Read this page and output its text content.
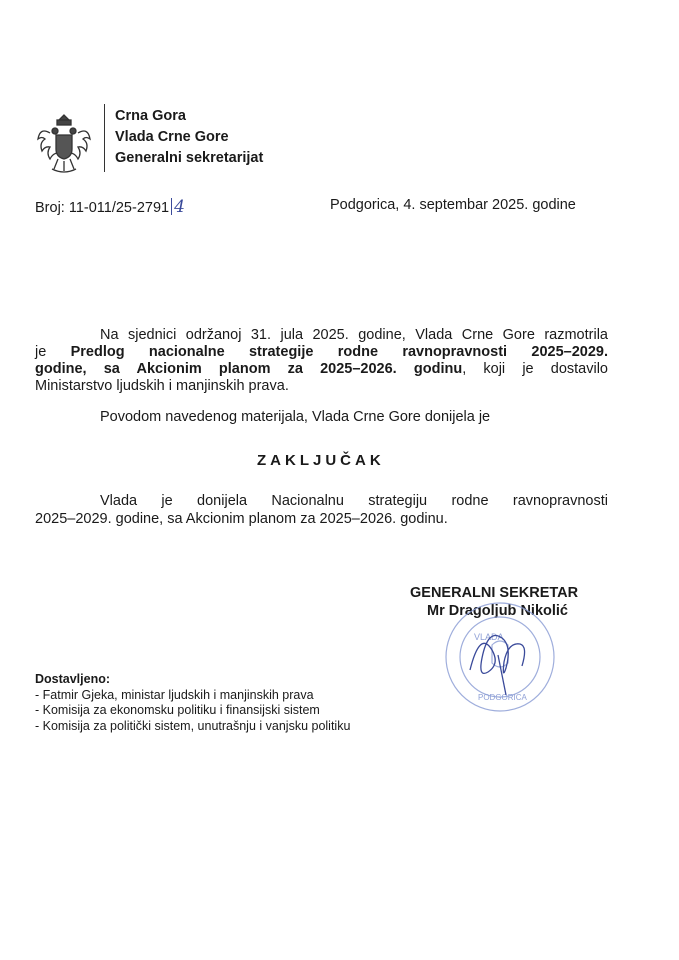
Crna Gora
Vlada Crne Gore
Generalni sekretarijat
Broj: 11-011/25-2791 4	Podgorica, 4. septembar 2025. godine
Na sjednici održanoj 31. jula 2025. godine, Vlada Crne Gore razmotrila
je Predlog nacionalne strategije rodne ravnopravnosti 2025–2029.
godine, sa Akcionim planom za 2025–2026. godinu, koji je dostavilo
Ministarstvo ljudskih i manjinskih prava.
Povodom navedenog materijala, Vlada Crne Gore donijela je
ZAKLJUČAK
Vlada je donijela Nacionalnu strategiju rodne ravnopravnosti
2025–2029. godine, sa Akcionim planom za 2025–2026. godinu.
GENERALNI SEKRETAR
Mr Dragoljub Nikolić
VLADA
PODGORICA
Dostavljeno:
- Fatmir Gjeka, ministar ljudskih i manjinskih prava
- Komisija za ekonomsku politiku i finansijski sistem
- Komisija za politički sistem, unutrašnju i vanjsku politiku
